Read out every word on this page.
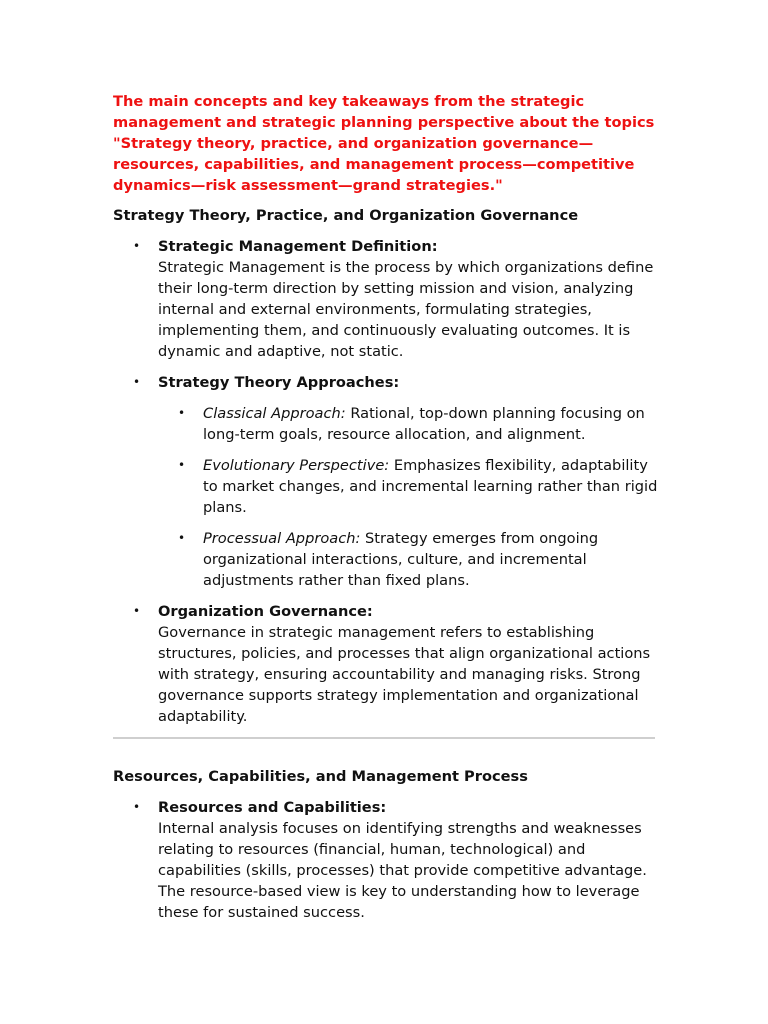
The main concepts and key takeaways from the strategic management and strategic planning perspective about the topics "Strategy theory, practice, and organization governance—resources, capabilities, and management process—competitive dynamics—risk assessment—grand strategies."

Strategy Theory, Practice, and Organization Governance

• Strategic Management Definition:
Strategic Management is the process by which organizations define their long-term direction by setting mission and vision, analyzing internal and external environments, formulating strategies, implementing them, and continuously evaluating outcomes. It is dynamic and adaptive, not static.
• Strategy Theory Approaches:
• Classical Approach: Rational, top-down planning focusing on long-term goals, resource allocation, and alignment.
• Evolutionary Perspective: Emphasizes flexibility, adaptability to market changes, and incremental learning rather than rigid plans.
• Processual Approach: Strategy emerges from ongoing organizational interactions, culture, and incremental adjustments rather than fixed plans.
• Organization Governance:
Governance in strategic management refers to establishing structures, policies, and processes that align organizational actions with strategy, ensuring accountability and managing risks. Strong governance supports strategy implementation and organizational adaptability.

Resources, Capabilities, and Management Process

• Resources and Capabilities:
Internal analysis focuses on identifying strengths and weaknesses relating to resources (financial, human, technological) and capabilities (skills, processes) that provide competitive advantage. The resource-based view is key to understanding how to leverage these for sustained success.
